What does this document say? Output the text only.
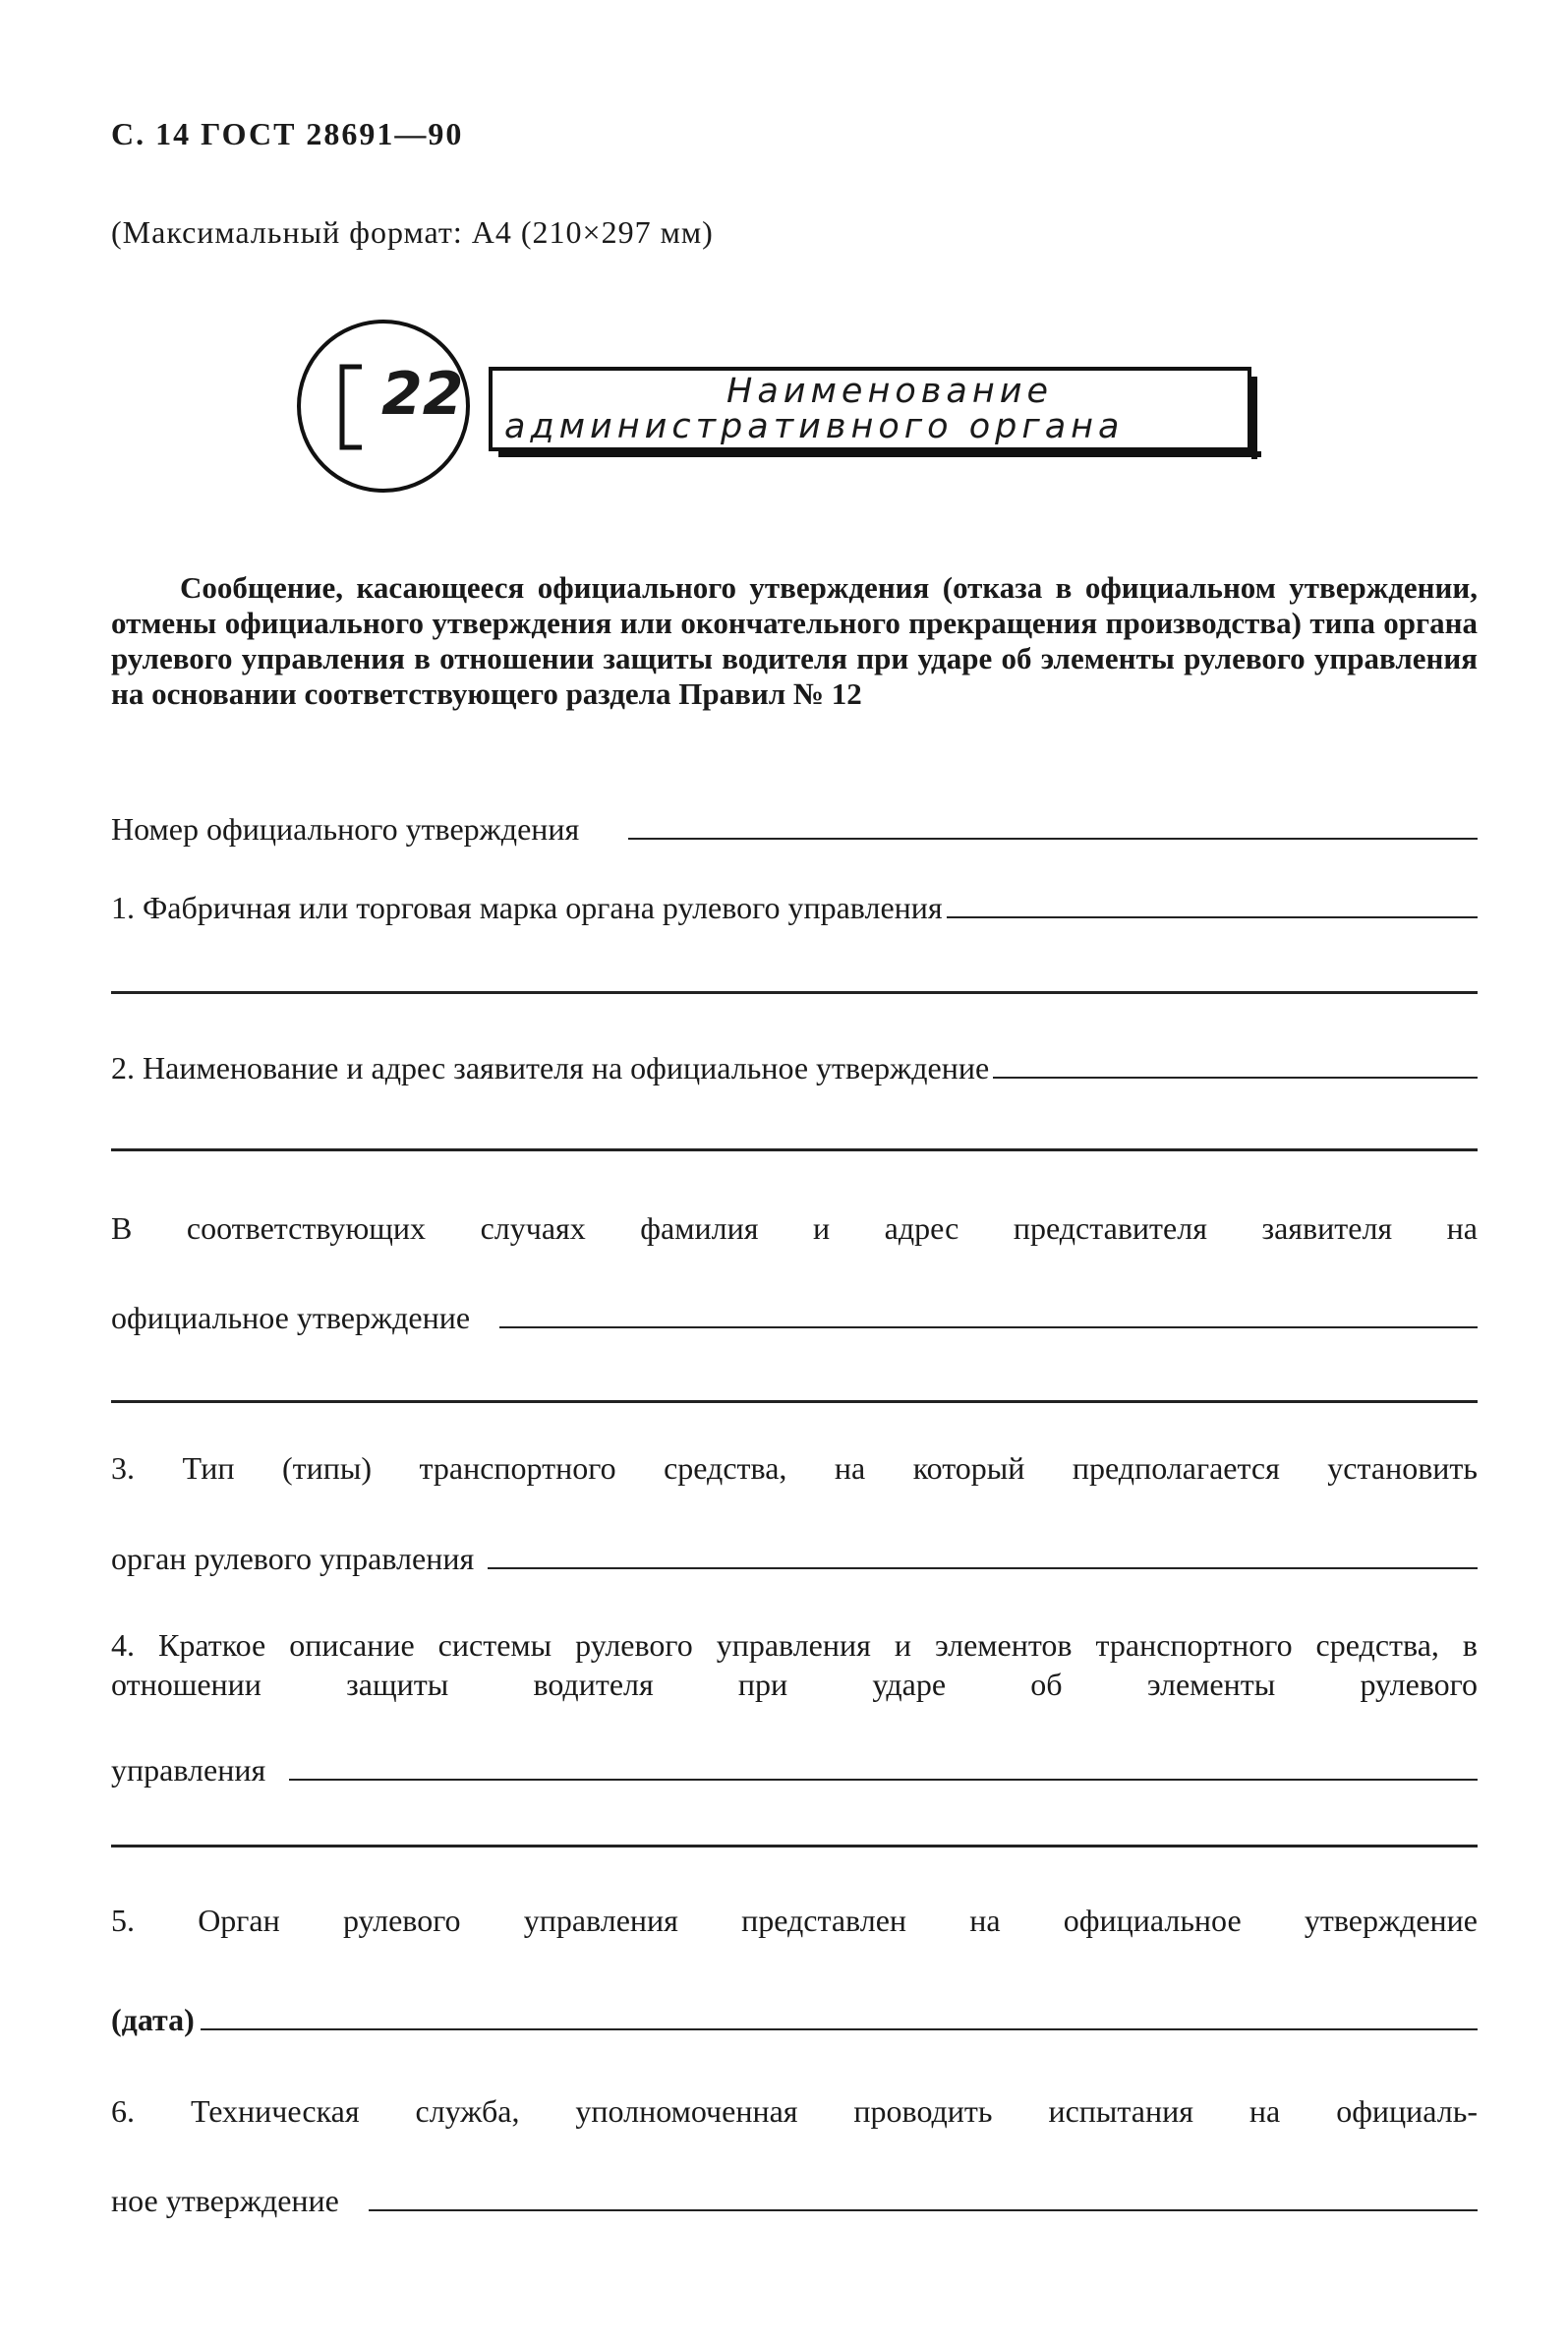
С. 14 ГОСТ 28691—90
(Максимальный формат: А4 (210×297 мм)
22	Наименование
административного органа
Сообщение, касающееся официального утверждения (отказа в официальном утверждении, отмены официального утверждения или окончательного прекращения производства) типа органа рулевого управления в отношении защиты водителя при ударе об элементы рулевого управления на основании соответствующего раздела Правил № 12
Номер официального утверждения
1. Фабричная или торговая марка органа рулевого управления
2. Наименование и адрес заявителя на официальное утверждение
В соответствующих случаях фамилия и адрес представителя заявителя на
официальное утверждение
3. Тип (типы) транспортного средства, на который предполагается установить
орган рулевого управления
4. Краткое описание системы рулевого управления и элементов транспортного средства, в отношении защиты водителя при ударе об элементы рулевого
управления
5. Орган рулевого управления представлен на официальное утверждение
(дата)
6. Техническая служба, уполномоченная проводить испытания на официаль-
ное утверждение
